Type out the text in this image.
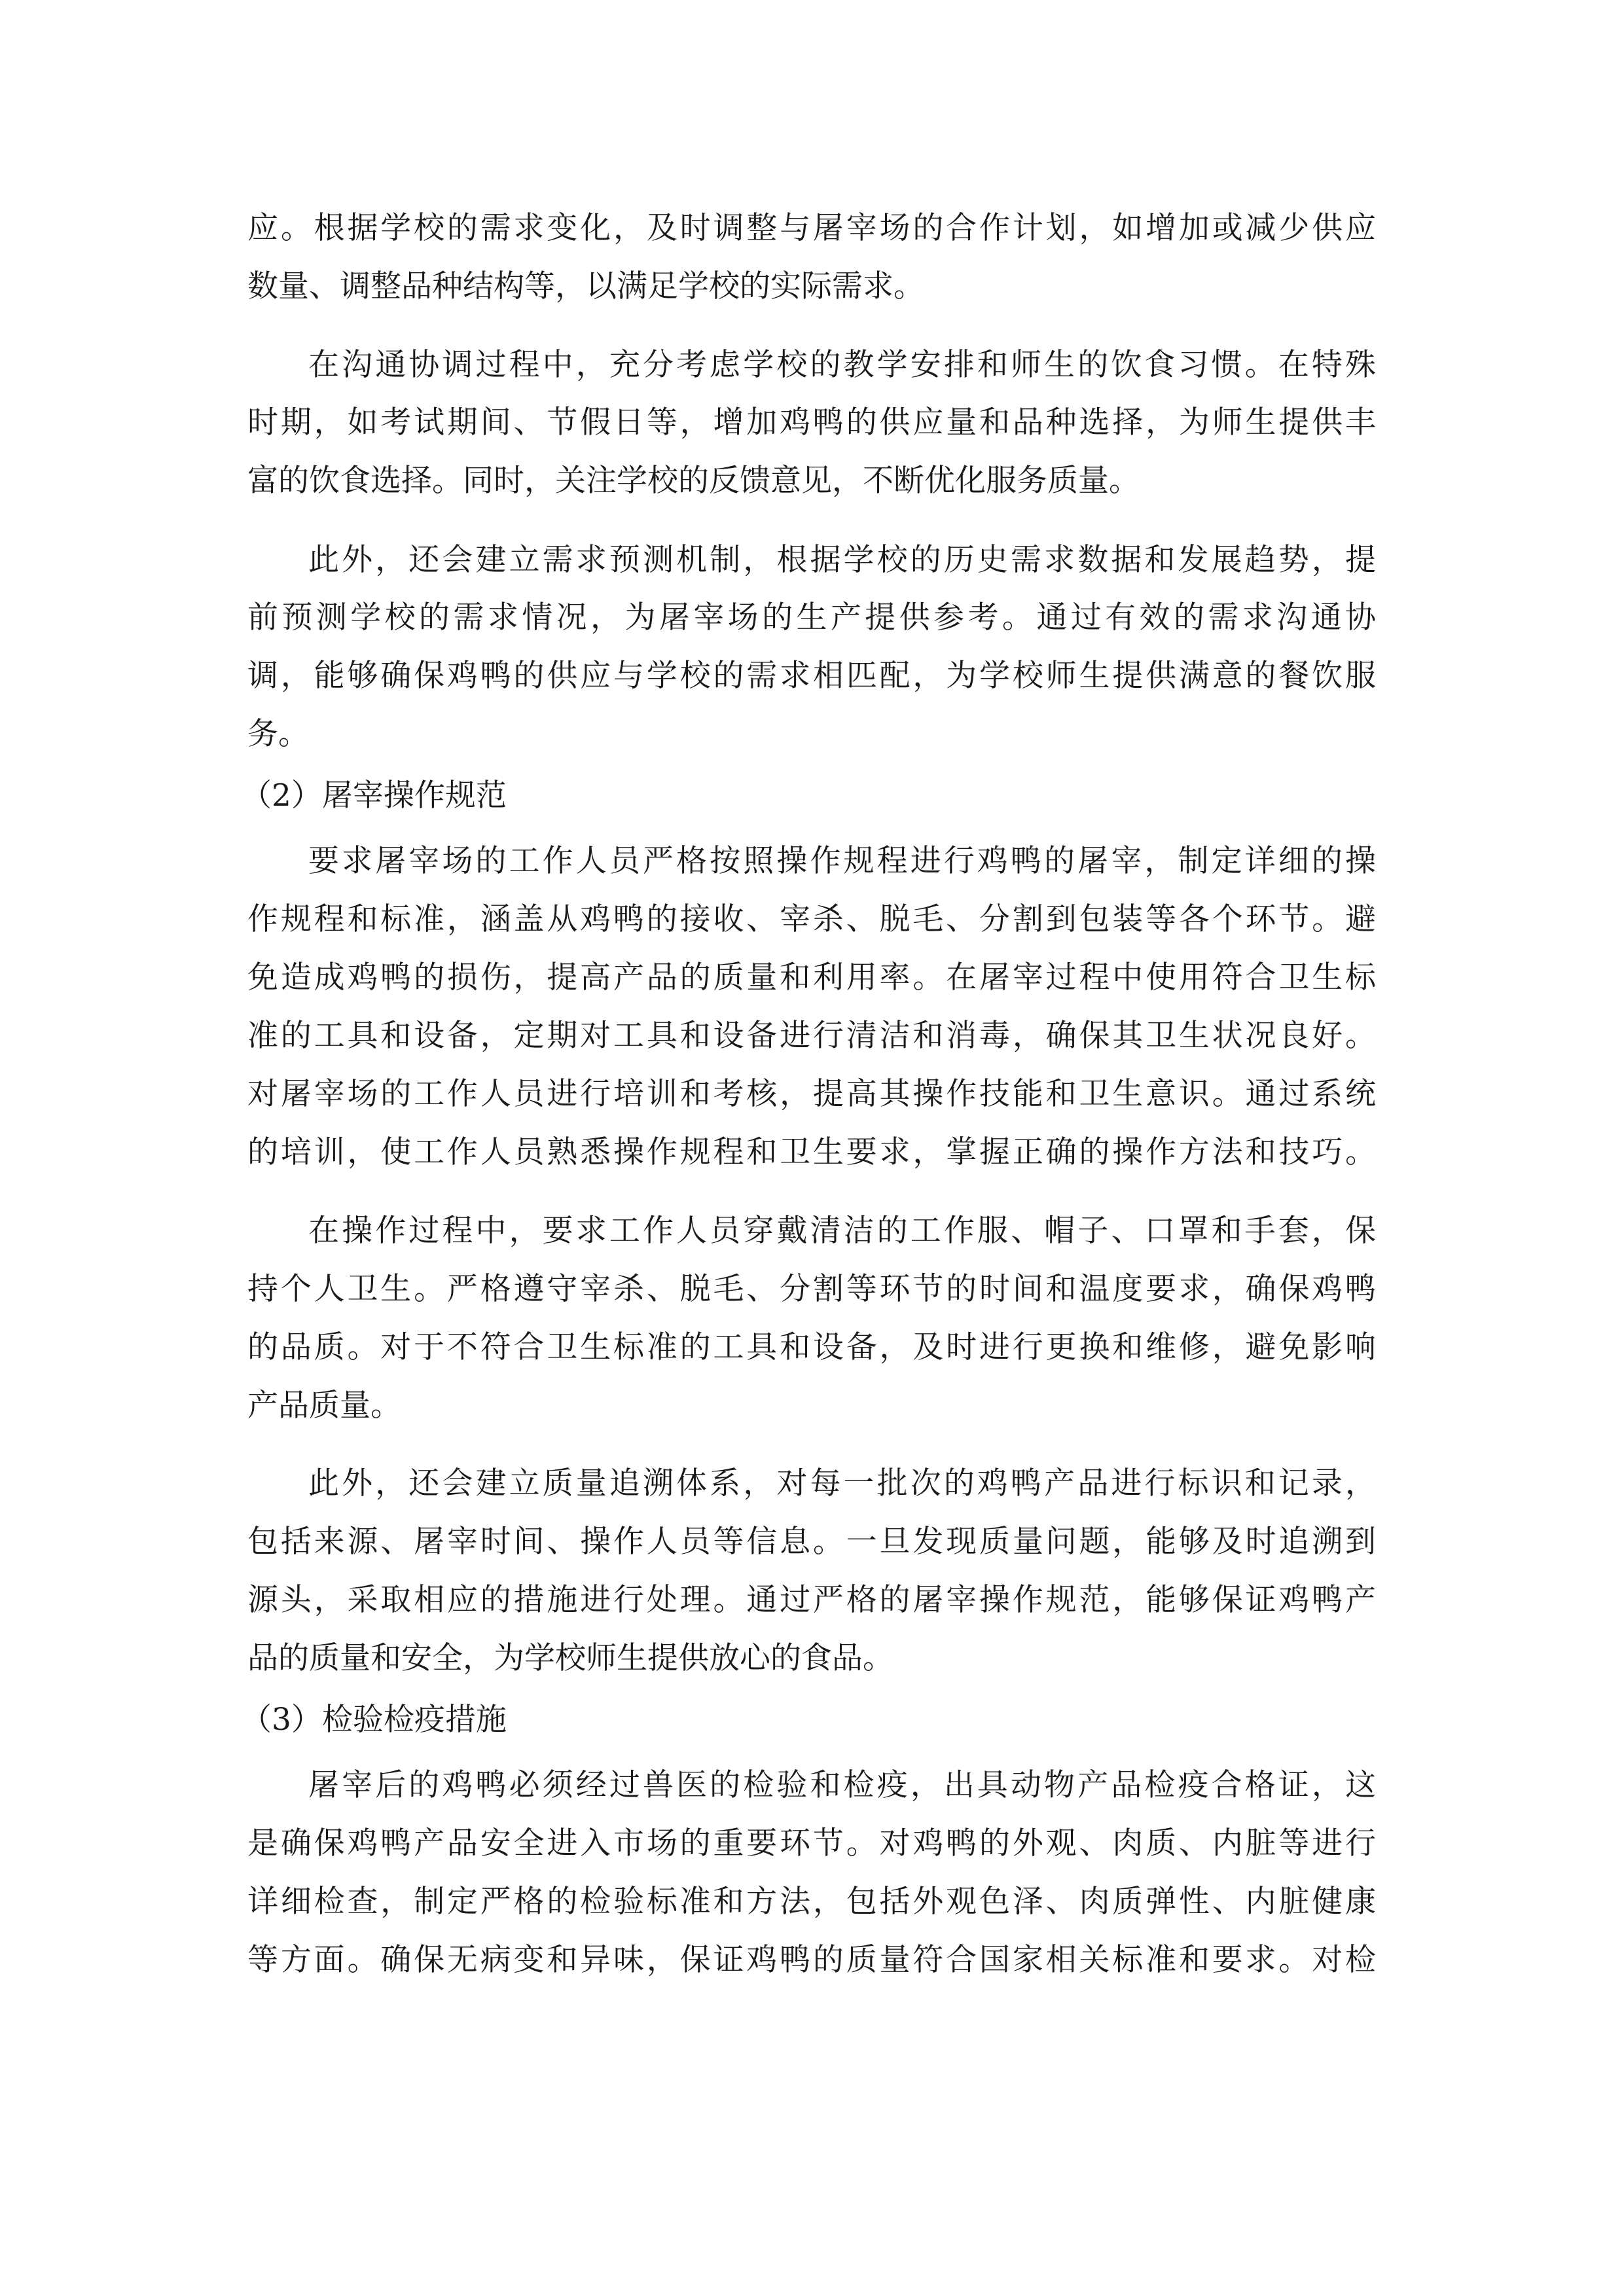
应。根据学校的需求变化，及时调整与屠宰场的合作计划，如增加或减少供应

数量、调整品种结构等，以满足学校的实际需求。

在沟通协调过程中，充分考虑学校的教学安排和师生的饮食习惯。在特殊

时期，如考试期间、节假日等，增加鸡鸭的供应量和品种选择，为师生提供丰

富的饮食选择。同时，关注学校的反馈意见，不断优化服务质量。

此外，还会建立需求预测机制，根据学校的历史需求数据和发展趋势，提

前预测学校的需求情况，为屠宰场的生产提供参考。通过有效的需求沟通协

调，能够确保鸡鸭的供应与学校的需求相匹配，为学校师生提供满意的餐饮服

务。

（2）屠宰操作规范

要求屠宰场的工作人员严格按照操作规程进行鸡鸭的屠宰，制定详细的操

作规程和标准，涵盖从鸡鸭的接收、宰杀、脱毛、分割到包装等各个环节。避

免造成鸡鸭的损伤，提高产品的质量和利用率。在屠宰过程中使用符合卫生标

准的工具和设备，定期对工具和设备进行清洁和消毒，确保其卫生状况良好。

对屠宰场的工作人员进行培训和考核，提高其操作技能和卫生意识。通过系统

的培训，使工作人员熟悉操作规程和卫生要求，掌握正确的操作方法和技巧。

在操作过程中，要求工作人员穿戴清洁的工作服、帽子、口罩和手套，保

持个人卫生。严格遵守宰杀、脱毛、分割等环节的时间和温度要求，确保鸡鸭

的品质。对于不符合卫生标准的工具和设备，及时进行更换和维修，避免影响

产品质量。

此外，还会建立质量追溯体系，对每一批次的鸡鸭产品进行标识和记录，

包括来源、屠宰时间、操作人员等信息。一旦发现质量问题，能够及时追溯到

源头，采取相应的措施进行处理。通过严格的屠宰操作规范，能够保证鸡鸭产

品的质量和安全，为学校师生提供放心的食品。

（3）检验检疫措施

屠宰后的鸡鸭必须经过兽医的检验和检疫，出具动物产品检疫合格证，这

是确保鸡鸭产品安全进入市场的重要环节。对鸡鸭的外观、肉质、内脏等进行

详细检查，制定严格的检验标准和方法，包括外观色泽、肉质弹性、内脏健康

等方面。确保无病变和异味，保证鸡鸭的质量符合国家相关标准和要求。对检
